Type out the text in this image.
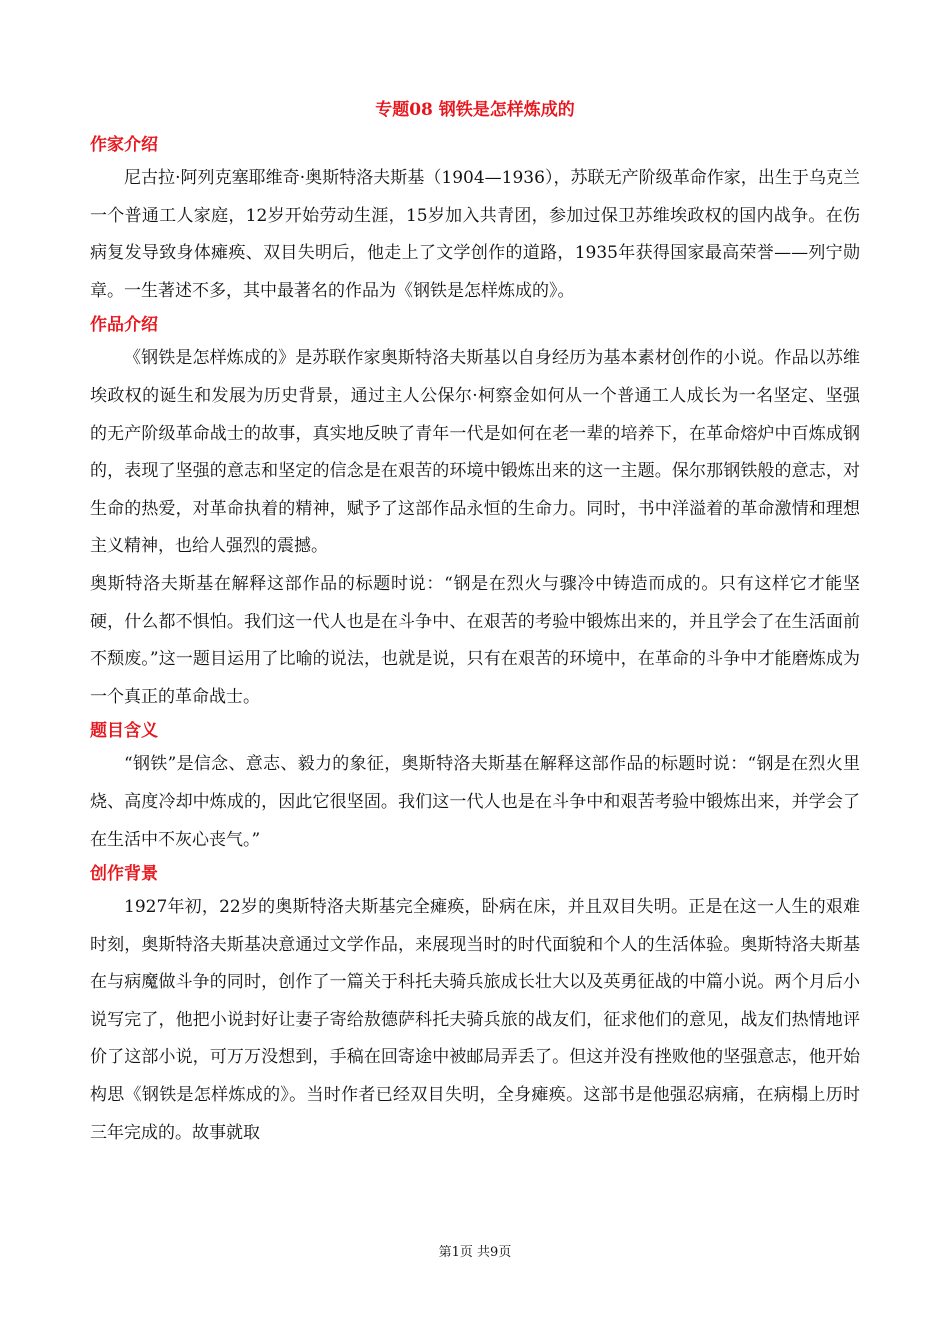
专题08 钢铁是怎样炼成的
作家介绍

尼古拉·阿列克塞耶维奇·奥斯特洛夫斯基（1904—1936），苏联无产阶级革命作家，出生于乌克兰一个普通工人家庭，12岁开始劳动生涯，15岁加入共青团，参加过保卫苏维埃政权的国内战争。在伤病复发导致身体瘫痪、双目失明后，他走上了文学创作的道路，1935年获得国家最高荣誉——列宁勋章。一生著述不多，其中最著名的作品为《钢铁是怎样炼成的》。

作品介绍

《钢铁是怎样炼成的》是苏联作家奥斯特洛夫斯基以自身经历为基本素材创作的小说。作品以苏维埃政权的诞生和发展为历史背景，通过主人公保尔·柯察金如何从一个普通工人成长为一名坚定、坚强的无产阶级革命战士的故事，真实地反映了青年一代是如何在老一辈的培养下，在革命熔炉中百炼成钢的，表现了坚强的意志和坚定的信念是在艰苦的环境中锻炼出来的这一主题。保尔那钢铁般的意志，对生命的热爱，对革命执着的精神，赋予了这部作品永恒的生命力。同时，书中洋溢着的革命激情和理想主义精神，也给人强烈的震撼。

奥斯特洛夫斯基在解释这部作品的标题时说：“钢是在烈火与骤冷中铸造而成的。只有这样它才能坚硬，什么都不惧怕。我们这一代人也是在斗争中、在艰苦的考验中锻炼出来的，并且学会了在生活面前不颓废。”这一题目运用了比喻的说法，也就是说，只有在艰苦的环境中，在革命的斗争中才能磨炼成为一个真正的革命战士。

题目含义

“钢铁”是信念、意志、毅力的象征，奥斯特洛夫斯基在解释这部作品的标题时说：“钢是在烈火里烧、高度冷却中炼成的，因此它很坚固。我们这一代人也是在斗争中和艰苦考验中锻炼出来，并学会了在生活中不灰心丧气。”

创作背景

1927年初，22岁的奥斯特洛夫斯基完全瘫痪，卧病在床，并且双目失明。正是在这一人生的艰难时刻，奥斯特洛夫斯基决意通过文学作品，来展现当时的时代面貌和个人的生活体验。奥斯特洛夫斯基在与病魔做斗争的同时，创作了一篇关于科托夫骑兵旅成长壮大以及英勇征战的中篇小说。两个月后小说写完了，他把小说封好让妻子寄给敖德萨科托夫骑兵旅的战友们，征求他们的意见，战友们热情地评价了这部小说，可万万没想到，手稿在回寄途中被邮局弄丢了。但这并没有挫败他的坚强意志，他开始构思《钢铁是怎样炼成的》。当时作者已经双目失明，全身瘫痪。这部书是他强忍病痛，在病榻上历时三年完成的。故事就取

第1页 共9页
